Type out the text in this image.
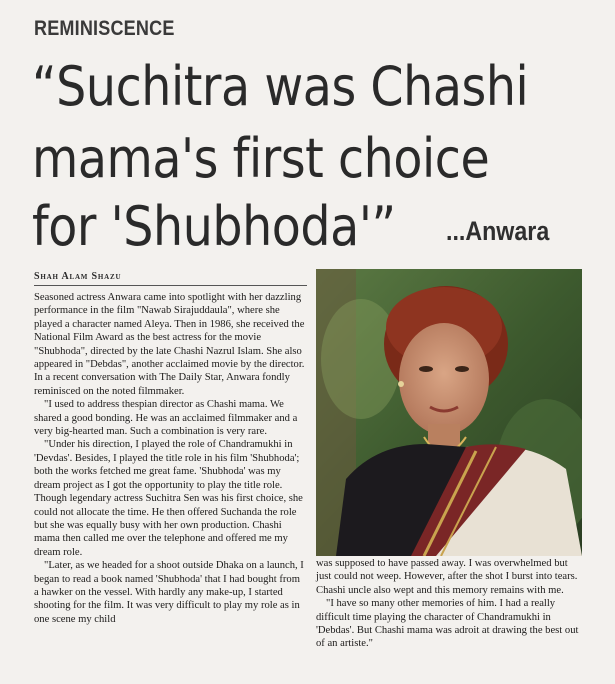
REMINISCENCE
“Suchitra was Chashi
mama's first choice
for 'Shubhoda'” ...Anwara
Shah Alam Shazu

Seasoned actress Anwara came into spotlight with her dazzling performance in the film "Nawab Sirajuddaula", where she played a character named Aleya. Then in 1986, she received the National Film Award as the best actress for the movie "Shubhoda", directed by the late Chashi Nazrul Islam. She also appeared in "Debdas", another acclaimed movie by the director. In a recent conversation with The Daily Star, Anwara fondly reminisced on the noted filmmaker.

"I used to address thespian director as Chashi mama. We shared a good bonding. He was an acclaimed filmmaker and a very big-hearted man. Such a combination is very rare.

"Under his direction, I played the role of Chandramukhi in 'Devdas'. Besides, I played the title role in his film 'Shubhoda'; both the works fetched me great fame. 'Shubhoda' was my dream project as I got the opportunity to play the title role. Though legendary actress Suchitra Sen was his first choice, she could not allocate the time. He then offered Suchanda the role but she was equally busy with her own production. Chashi mama then called me over the telephone and offered me my dream role.

"Later, as we headed for a shoot outside Dhaka on a launch, I began to read a book named 'Shubhoda' that I had bought from a hawker on the vessel. With hardly any make-up, I started shooting for the film. It was very difficult to play my role as in one scene my child

was supposed to have passed away. I was overwhelmed but just could not weep. However, after the shot I burst into tears. Chashi uncle also wept and this memory remains with me.

"I have so many other memories of him. I had a really difficult time playing the character of Chandramukhi in 'Debdas'. But Chashi mama was adroit at drawing the best out of an artiste."
